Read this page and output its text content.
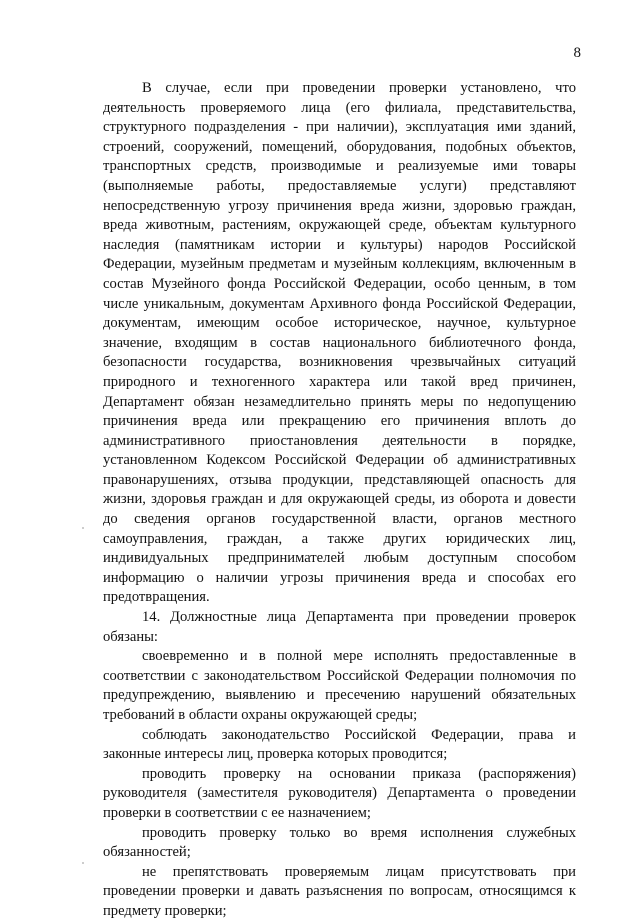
8

В случае, если при проведении проверки установлено, что деятельность проверяемого лица (его филиала, представительства, структурного подразделения - при наличии), эксплуатация ими зданий, строений, сооружений, помещений, оборудования, подобных объектов, транспортных средств, производимые и реализуемые ими товары (выполняемые работы, предоставляемые услуги) представляют непосредственную угрозу причинения вреда жизни, здоровью граждан, вреда животным, растениям, окружающей среде, объектам культурного наследия (памятникам истории и культуры) народов Российской Федерации, музейным предметам и музейным коллекциям, включенным в состав Музейного фонда Российской Федерации, особо ценным, в том числе уникальным, документам Архивного фонда Российской Федерации, документам, имеющим особое историческое, научное, культурное значение, входящим в состав национального библиотечного фонда, безопасности государства, возникновения чрезвычайных ситуаций природного и техногенного характера или такой вред причинен, Департамент обязан незамедлительно принять меры по недопущению причинения вреда или прекращению его причинения вплоть до административного приостановления деятельности в порядке, установленном Кодексом Российской Федерации об административных правонарушениях, отзыва продукции, представляющей опасность для жизни, здоровья граждан и для окружающей среды, из оборота и довести до сведения органов государственной власти, органов местного самоуправления, граждан, а также других юридических лиц, индивидуальных предпринимателей любым доступным способом информацию о наличии угрозы причинения вреда и способах его предотвращения.

14. Должностные лица Департамента при проведении проверок обязаны:

своевременно и в полной мере исполнять предоставленные в соответствии с законодательством Российской Федерации полномочия по предупреждению, выявлению и пресечению нарушений обязательных требований в области охраны окружающей среды;

соблюдать законодательство Российской Федерации, права и законные интересы лиц, проверка которых проводится;

проводить проверку на основании приказа (распоряжения) руководителя (заместителя руководителя) Департамента о проведении проверки в соответствии с ее назначением;

проводить проверку только во время исполнения служебных обязанностей;

не препятствовать проверяемым лицам присутствовать при проведении проверки и давать разъяснения по вопросам, относящимся к предмету проверки;
